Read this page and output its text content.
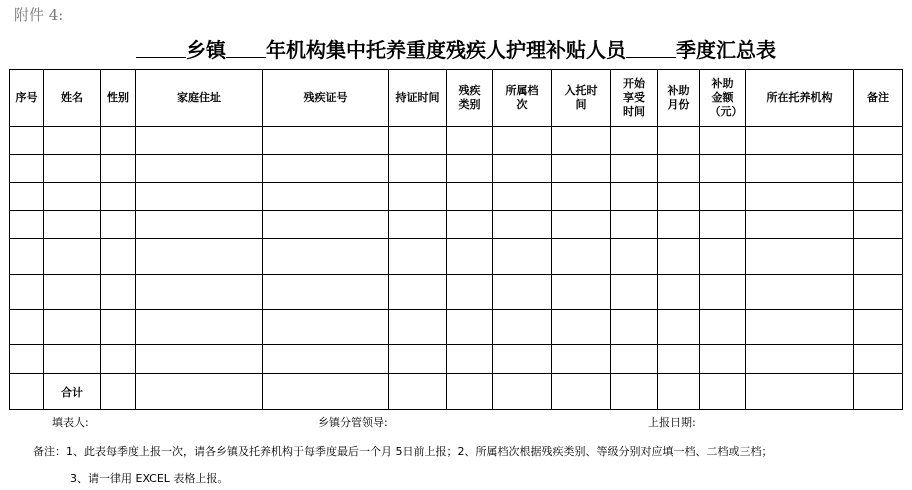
附件 4:
乡镇 年机构集中托养重度残疾人护理补贴人员	季度汇总表
序号	姓名	性别	家庭住址	残疾证号	持证时间	残疾类别	所属档次	入托时间	开始享受时间	补助月份	补助金额（元）	所在托养机构	备注

	合计												
填表人:	乡镇分管领导:	上报日期:
备注：1、此表每季度上报一次，请各乡镇及托养机构于每季度最后一个月 5日前上报；2、所属档次根据残疾类别、等级分别对应填一档、二档或三档；
3、请一律用 EXCEL 表格上报。
